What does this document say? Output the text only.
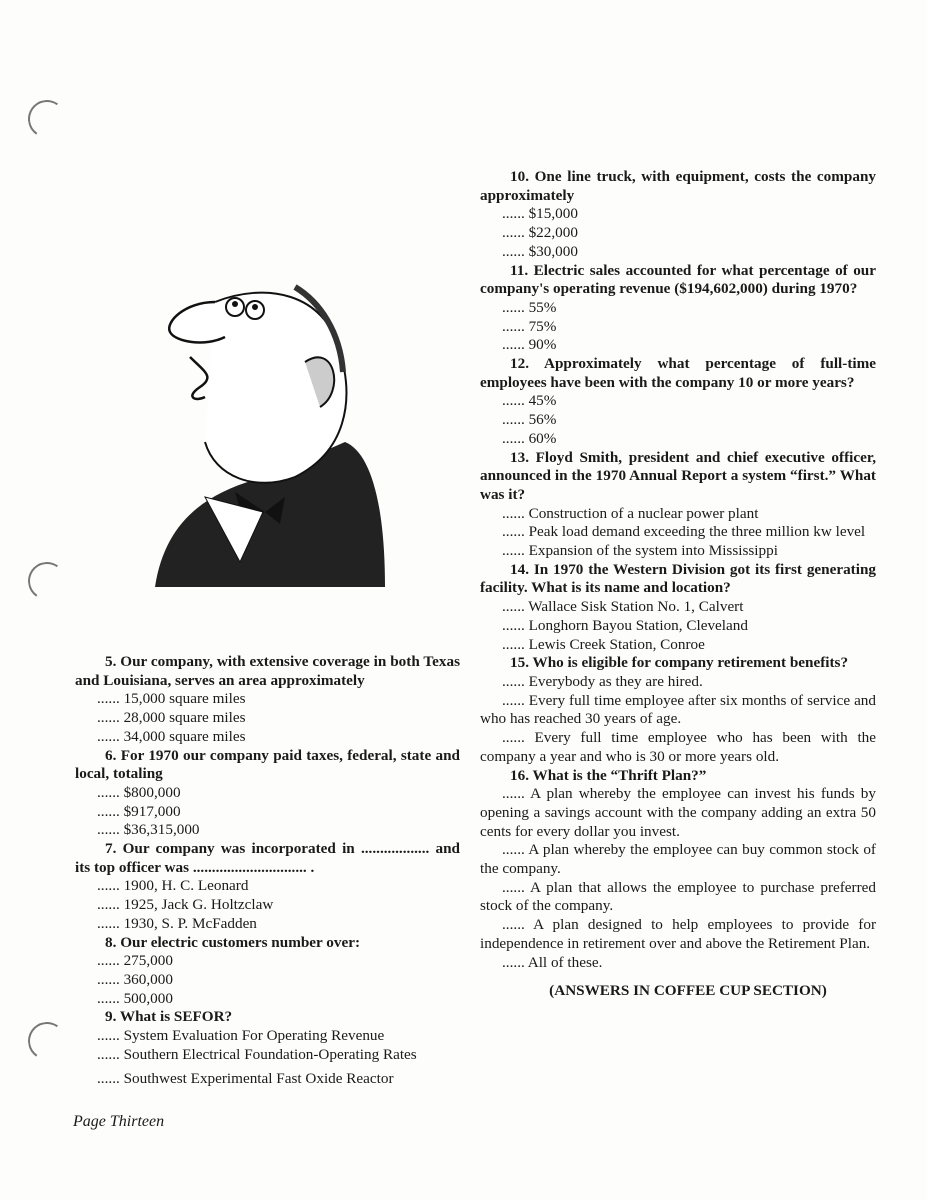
5. Our company, with extensive coverage in both Texas and Louisiana, serves an area approximately

...... 15,000 square miles

...... 28,000 square miles

...... 34,000 square miles

6. For 1970 our company paid taxes, federal, state and local, totaling

...... $800,000

...... $917,000

...... $36,315,000

7. Our company was incorporated in .................. and its top officer was .............................. .

...... 1900, H. C. Leonard

...... 1925, Jack G. Holtzclaw

...... 1930, S. P. McFadden

8. Our electric customers number over:

...... 275,000

...... 360,000

...... 500,000

9. What is SEFOR?

...... System Evaluation For Operating Revenue

...... Southern Electrical Foundation-Operating Rates

...... Southwest Experimental Fast Oxide Reactor

10. One line truck, with equipment, costs the company approximately

...... $15,000

...... $22,000

...... $30,000

11. Electric sales accounted for what percentage of our company's operating revenue ($194,602,000) during 1970?

...... 55%

...... 75%

...... 90%

12. Approximately what percentage of full-time employees have been with the company 10 or more years?

...... 45%

...... 56%

...... 60%

13. Floyd Smith, president and chief executive officer, announced in the 1970 Annual Report a system “first.” What was it?

...... Construction of a nuclear power plant

...... Peak load demand exceeding the three million kw level

...... Expansion of the system into Mississippi

14. In 1970 the Western Division got its first generating facility. What is its name and location?

...... Wallace Sisk Station No. 1, Calvert

...... Longhorn Bayou Station, Cleveland

...... Lewis Creek Station, Conroe

15. Who is eligible for company retirement benefits?

...... Everybody as they are hired.

...... Every full time employee after six months of service and who has reached 30 years of age.

...... Every full time employee who has been with the company a year and who is 30 or more years old.

16. What is the “Thrift Plan?”

...... A plan whereby the employee can invest his funds by opening a savings account with the company adding an extra 50 cents for every dollar you invest.

...... A plan whereby the employee can buy common stock of the company.

...... A plan that allows the employee to purchase preferred stock of the company.

...... A plan designed to help employees to provide for independence in retirement over and above the Retirement Plan.

...... All of these.

(ANSWERS IN COFFEE CUP SECTION)

Page Thirteen
